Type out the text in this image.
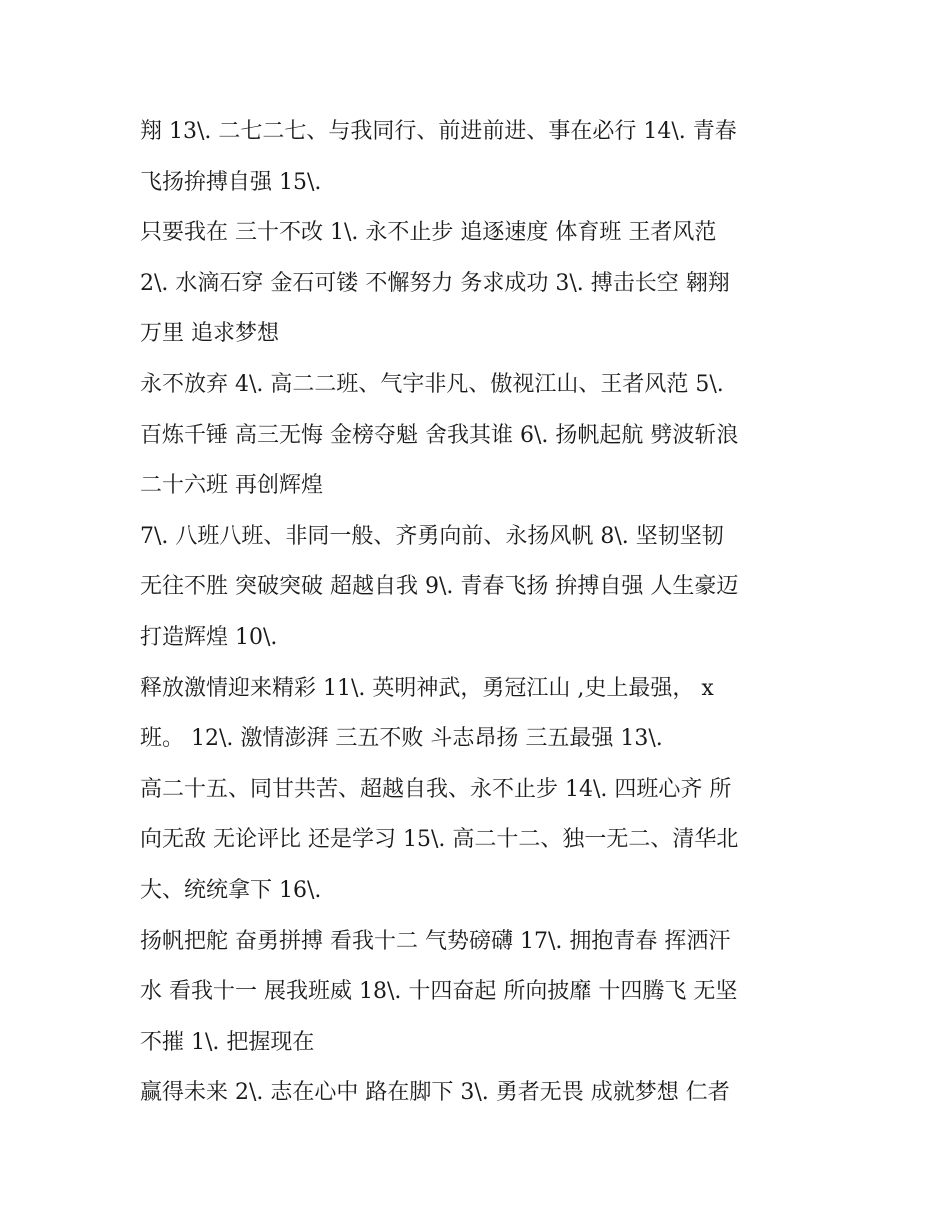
翔 13\. 二七二七、与我同行、前进前进、事在必行 14\. 青春
飞扬拚搏自强 15\.
只要我在 三十不改 1\. 永不止步 追逐速度 体育班 王者风范
2\. 水滴石穿 金石可镂 不懈努力 务求成功 3\. 搏击长空 翱翔
万里 追求梦想
永不放弃 4\. 高二二班、气宇非凡、傲视江山、王者风范 5\.
百炼千锤 高三无悔 金榜夺魁 舍我其谁 6\. 扬帆起航 劈波斩浪
二十六班 再创辉煌
7\. 八班八班、非同一般、齐勇向前、永扬风帆 8\. 坚韧坚韧
无往不胜 突破突破 超越自我 9\. 青春飞扬 拚搏自强 人生豪迈
打造辉煌 10\.
释放激情迎来精彩 11\. 英明神武，勇冠江山 ,史上最强， x
班。 12\. 激情澎湃 三五不败 斗志昂扬 三五最强 13\.
高二十五、同甘共苦、超越自我、永不止步 14\. 四班心齐 所
向无敌 无论评比 还是学习 15\. 高二十二、独一无二、清华北
大、统统拿下 16\.
扬帆把舵 奋勇拼搏 看我十二 气势磅礴 17\. 拥抱青春 挥洒汗
水 看我十一 展我班威 18\. 十四奋起 所向披靡 十四腾飞 无坚
不摧 1\. 把握现在
赢得未来 2\. 志在心中 路在脚下 3\. 勇者无畏 成就梦想 仁者
